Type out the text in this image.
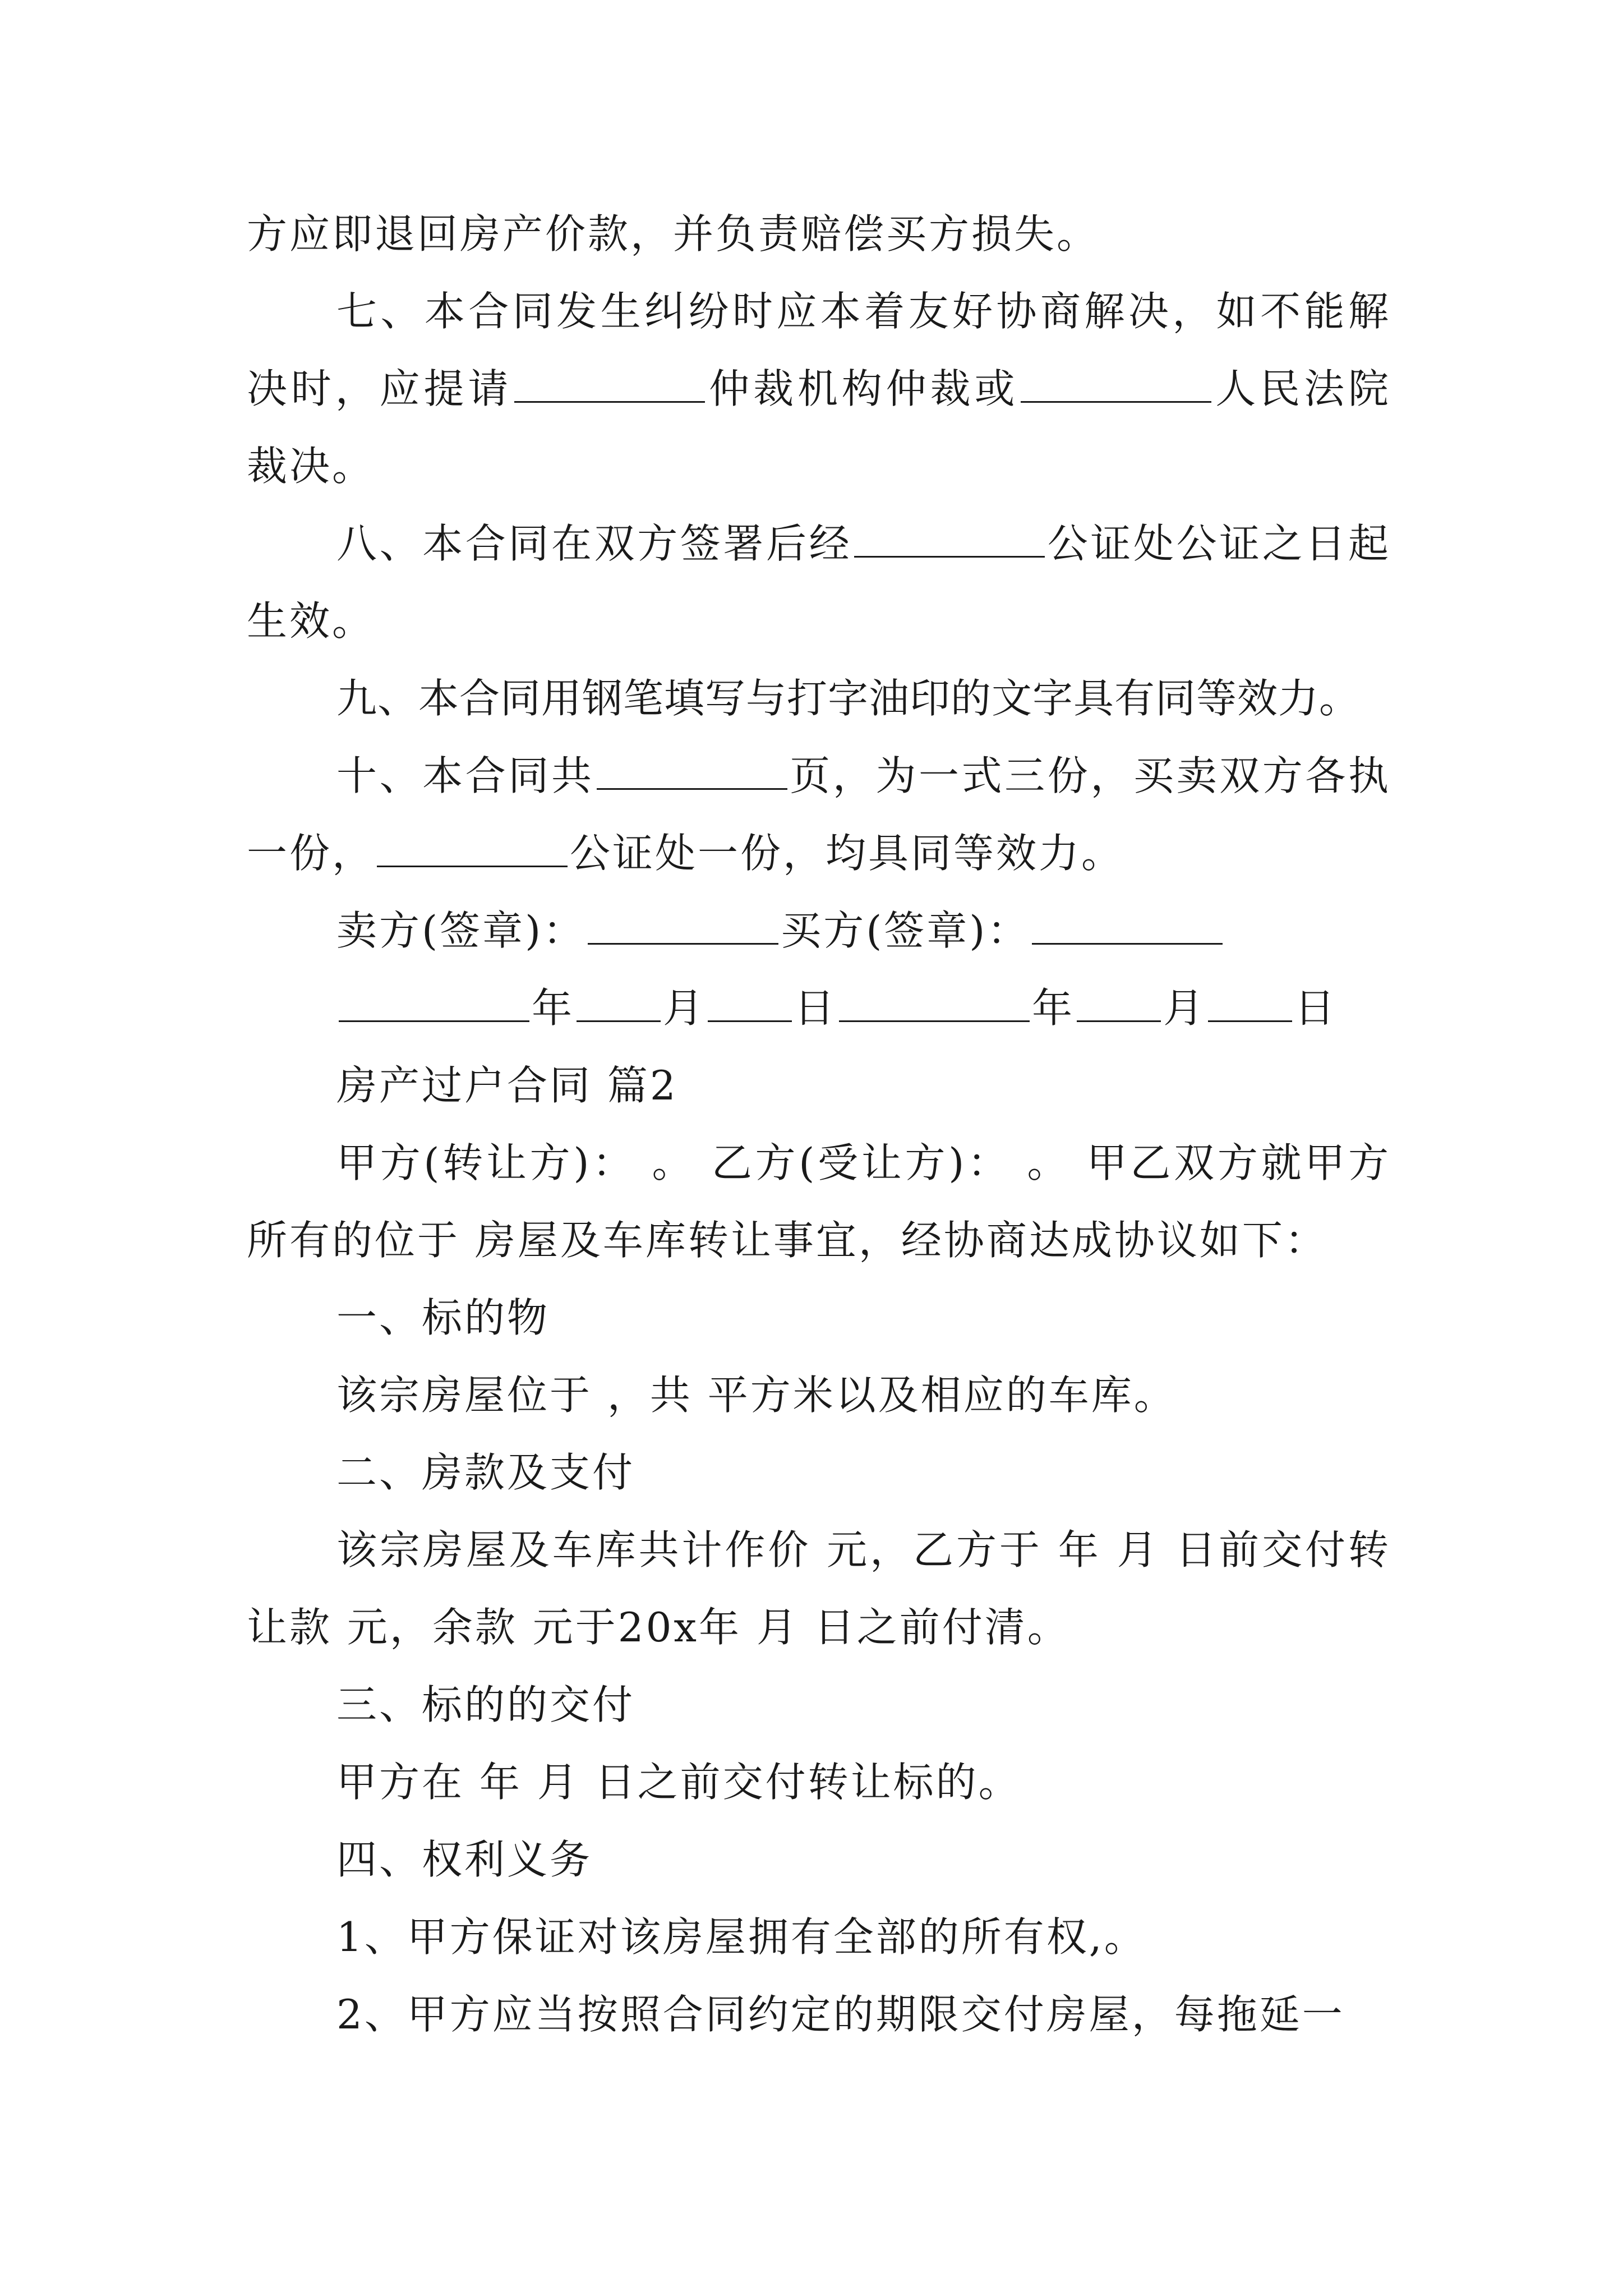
方应即退回房产价款，并负责赔偿买方损失。

七、本合同发生纠纷时应本着友好协商解决，如不能解决时，应提请	仲裁机构仲裁或	人民法院裁决。

八、本合同在双方签署后经	公证处公证之日起生效。

九、本合同用钢笔填写与打字油印的文字具有同等效力。

十、本合同共	页，为一式三份，买卖双方各执一份，	公证处一份，均具同等效力。

卖方(签章)：	买方(签章)：

年 月 日	年 月 日

房产过户合同 篇2

甲方(转让方)： 。 乙方(受让方)： 。 甲乙双方就甲方所有的位于 房屋及车库转让事宜，经协商达成协议如下：

一、标的物

该宗房屋位于 ，共 平方米以及相应的车库。

二、房款及支付

该宗房屋及车库共计作价 元，乙方于 年 月 日前交付转让款 元，余款 元于20x年 月 日之前付清。

三、标的的交付

甲方在 年 月 日之前交付转让标的。

四、权利义务

1、甲方保证对该房屋拥有全部的所有权,。

2、甲方应当按照合同约定的期限交付房屋，每拖延一
